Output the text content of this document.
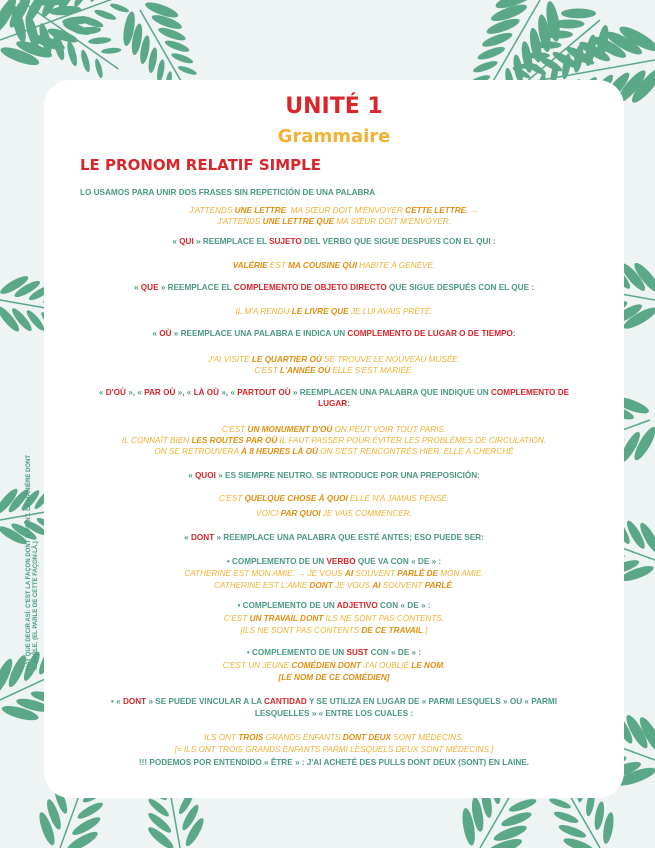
UNITÉ 1
Grammaire
LE PRONOM RELATIF SIMPLE
LO USAMOS PARA UNIR DOS FRASES SIN REPETICIÓN DE UNA PALABRA
J'ATTENDS UNE LETTRE. MA SŒUR DOIT M'ENVOYER CETTE LETTRE. →
J'ATTENDS UNE LETTRE QUE MA SŒUR DOIT M'ENVOYER.
« QUI » REEMPLACE EL SUJETO DEL VERBO QUE SIGUE DESPUES CON EL QUI :
VALÉRIE EST MA COUSINE QUI HABITE À GENÈVE.
« QUE » REEMPLACE EL COMPLEMENTO DE OBJETO DIRECTO QUE SIGUE DESPUÉS CON EL QUE :
IL M'A RENDU LE LIVRE QUE JE LUI AVAIS PRÊTÉ.
« OÙ » REEMPLACE UNA PALABRA E INDICA UN COMPLEMENTO DE LUGAR O DE TIEMPO:
J'AI VISITÉ LE QUARTIER OÙ SE TROUVE LE NOUVEAU MUSÉE.
C'EST L'ANNÉE OÙ ELLE S'EST MARIÉE.
« D'OÙ », « PAR OÙ », « LÀ OÙ », « PARTOUT OÙ » REEMPLACEN UNA PALABRA QUE INDIQUE UN COMPLEMENTO DE
LUGAR:
C'EST UN MONUMENT D'OÙ ON PEUT VOIR TOUT PARIS.
IL CONNAÎT BIEN LES ROUTES PAR OÙ IL FAUT PASSER POUR ÉVITER LES PROBLÈMES DE CIRCULATION.
ON SE RETROUVERA À 8 HEURES LÀ OÙ ON S'EST RENCONTRÉS HIER. ELLE A CHERCHÉ
« QUOI » ES SIEMPRE NEUTRO. SE INTRODUCE POR UNA PREPOSICIÓN:
C'EST QUELQUE CHOSE À QUOI ELLE N'A JAMAIS PENSÉ.
VOICI PAR QUOI JE VAIS COMMENCER.
« DONT » REEMPLACE UNA PALABRA QUE ESTÉ ANTES; ESO PUEDE SER:
• COMPLEMENTO DE UN VERBO QUE VA CON « DE » :
CATHERINE EST MON AMIE. → JE VOUS AI SOUVENT PARLÉ DE MON AMIE.
CATHERINE EST L'AMIE DONT JE VOUS AI SOUVENT PARLÉ.
• COMPLEMENTO DE UN ADJETIVO CON « DE » :
C'EST UN TRAVAIL DONT ILS NE SONT PAS CONTENTS.
[ILS NE SONT PAS CONTENTS DE CE TRAVAIL.]
• COMPLEMENTO DE UN SUST CON « DE » :
C'EST UN JEUNE COMÉDIEN DONT J'AI OUBLIÉ LE NOM.
[LE NOM DE CE COMÉDIEN]
• « DONT » SE PUEDE VINCULAR A LA CANTIDAD Y SE UTILIZA EN LUGAR DE « PARMI LESQUELS » OU « PARMI
LESQUELLES » « ENTRE LOS CUALES :
ILS ONT TROIS GRANDS ENFANTS DONT DEUX SONT MÉDECINS.
[= ILS ONT TROIS GRANDS ENFANTS PARMI LESQUELS DEUX SONT MÉDECINS.]
!!! PODEMOS POR ENTENDIDO « ÊTRE » : J'AI ACHETÉ DES PULLS DONT DEUX (SONT) EN LAINE.
HAY QUE DECIR ASÍ: C'EST LA FAÇON DONT IL PEINT. LA MANIÈRE DONT IL PARLE. (EL PARLE DE CETTE FAÇON-LÀ.)
